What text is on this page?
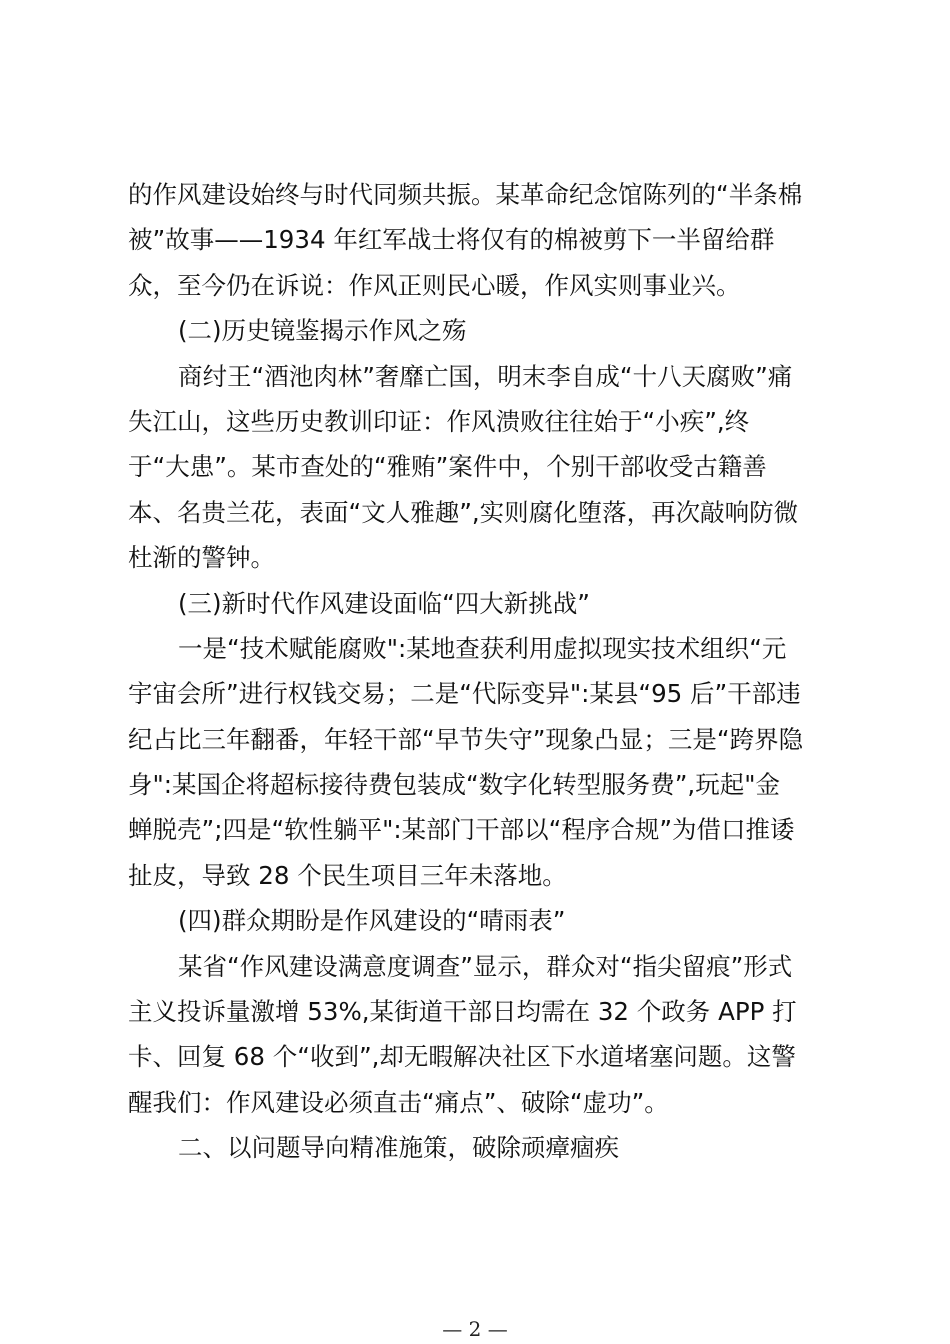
的作风建设始终与时代同频共振。某革命纪念馆陈列的“半条棉
被”故事——1934 年红军战士将仅有的棉被剪下一半留给群
众，至今仍在诉说：作风正则民心暖，作风实则事业兴。
(二)历史镜鉴揭示作风之殇
商纣王“酒池肉林”奢靡亡国，明末李自成“十八天腐败”痛
失江山，这些历史教训印证：作风溃败往往始于“小疾”,终
于“大患”。某市查处的“雅贿”案件中，个别干部收受古籍善
本、名贵兰花，表面“文人雅趣”,实则腐化堕落，再次敲响防微
杜渐的警钟。
(三)新时代作风建设面临“四大新挑战”
一是“技术赋能腐败":某地查获利用虚拟现实技术组织“元
宇宙会所”进行权钱交易；二是“代际变异":某县“95 后”干部违
纪占比三年翻番，年轻干部“早节失守”现象凸显；三是“跨界隐
身":某国企将超标接待费包装成“数字化转型服务费”,玩起"金
蝉脱壳”;四是“软性躺平":某部门干部以“程序合规”为借口推诿
扯皮，导致 28 个民生项目三年未落地。
(四)群众期盼是作风建设的“晴雨表”
某省“作风建设满意度调查”显示，群众对“指尖留痕”形式
主义投诉量激增 53%,某街道干部日均需在 32 个政务 APP 打
卡、回复 68 个“收到”,却无暇解决社区下水道堵塞问题。这警
醒我们：作风建设必须直击“痛点”、破除“虚功”。
二、以问题导向精准施策，破除顽瘴痼疾
— 2 —
